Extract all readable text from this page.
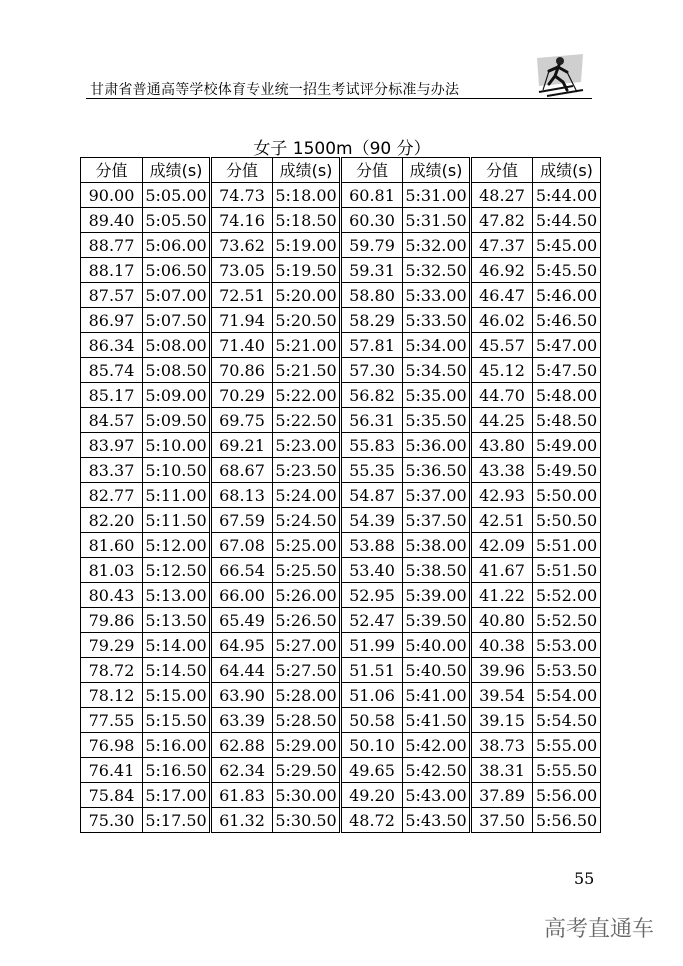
甘肃省普通高等学校体育专业统一招生考试评分标准与办法
女子 1500m（90 分）
分值	成绩(s)	分值	成绩(s)	分值	成绩(s)	分值	成绩(s)
90.00	5:05.00	74.73	5:18.00	60.81	5:31.00	48.27	5:44.00
89.40	5:05.50	74.16	5:18.50	60.30	5:31.50	47.82	5:44.50
88.77	5:06.00	73.62	5:19.00	59.79	5:32.00	47.37	5:45.00
88.17	5:06.50	73.05	5:19.50	59.31	5:32.50	46.92	5:45.50
87.57	5:07.00	72.51	5:20.00	58.80	5:33.00	46.47	5:46.00
86.97	5:07.50	71.94	5:20.50	58.29	5:33.50	46.02	5:46.50
86.34	5:08.00	71.40	5:21.00	57.81	5:34.00	45.57	5:47.00
85.74	5:08.50	70.86	5:21.50	57.30	5:34.50	45.12	5:47.50
85.17	5:09.00	70.29	5:22.00	56.82	5:35.00	44.70	5:48.00
84.57	5:09.50	69.75	5:22.50	56.31	5:35.50	44.25	5:48.50
83.97	5:10.00	69.21	5:23.00	55.83	5:36.00	43.80	5:49.00
83.37	5:10.50	68.67	5:23.50	55.35	5:36.50	43.38	5:49.50
82.77	5:11.00	68.13	5:24.00	54.87	5:37.00	42.93	5:50.00
82.20	5:11.50	67.59	5:24.50	54.39	5:37.50	42.51	5:50.50
81.60	5:12.00	67.08	5:25.00	53.88	5:38.00	42.09	5:51.00
81.03	5:12.50	66.54	5:25.50	53.40	5:38.50	41.67	5:51.50
80.43	5:13.00	66.00	5:26.00	52.95	5:39.00	41.22	5:52.00
79.86	5:13.50	65.49	5:26.50	52.47	5:39.50	40.80	5:52.50
79.29	5:14.00	64.95	5:27.00	51.99	5:40.00	40.38	5:53.00
78.72	5:14.50	64.44	5:27.50	51.51	5:40.50	39.96	5:53.50
78.12	5:15.00	63.90	5:28.00	51.06	5:41.00	39.54	5:54.00
77.55	5:15.50	63.39	5:28.50	50.58	5:41.50	39.15	5:54.50
76.98	5:16.00	62.88	5:29.00	50.10	5:42.00	38.73	5:55.00
76.41	5:16.50	62.34	5:29.50	49.65	5:42.50	38.31	5:55.50
75.84	5:17.00	61.83	5:30.00	49.20	5:43.00	37.89	5:56.00
75.30	5:17.50	61.32	5:30.50	48.72	5:43.50	37.50	5:56.50
55
高考直通车
